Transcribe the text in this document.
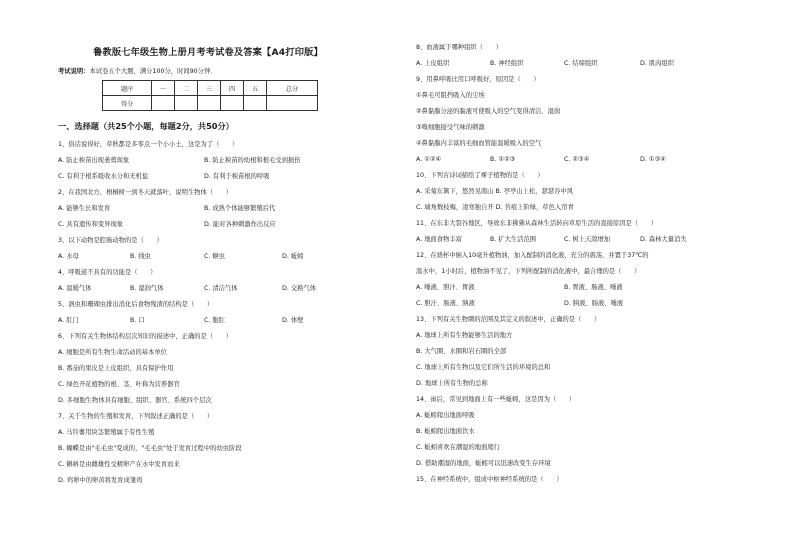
鲁教版七年级生物上册月考考试卷及答案【A4打印版】
考试说明：本试卷五个大题，满分100分，时间90分钟．
题序	一	二	三	四	五	总分
得分						
一、选择题（共25个小题，每题2分，共50分）
1、俗话说得好，草秋都是多零点一个小小土，这是为了（　　）
A. 防止秧苗出现萎蔫现象	B. 防止秧苗的幼根和根毛受到损伤
C. 有利于根系吸收水分和无机盐	D. 有利于秧苗根的呼吸
2、在我国北方，梧桐树一到冬天就落叶，说明生物体（　　）
A. 能够生长和发育	B. 成熟个体能够繁殖后代
C. 具有遗传和变异现象	D. 能对各种刺激作出反应
3、以下动物是腔肠动物的是（　　）
A. 水母	B. 线虫	C. 蛔虫	D. 蚯蚓
4、呼吸道不具有的功能是（　　）
A. 温暖气体	B. 湿润气体	C. 清洁气体	D. 交换气体
5、涡虫和珊瑚虫排出消化后食物残渣的结构是（　　）
A. 肛门	B. 口	C. 胞肛	D. 体壁
6、下列有关生物体结构层次知识的描述中，正确的是（　　）
A. 细胞是所有生物生命活动的基本单位
B. 番茄的果皮是上皮组织，具有保护作用
C. 绿色开花植物的根、茎、叶称为营养器官
D. 多细胞生物体具有细胞、组织、器官、系统四个层次
7、关于生物的生殖和发育，下列叙述正确的是（　　）
A. 马铃薯用块茎繁殖属于有性生殖
B. 蝴蝶是由"毛毛虫"变成的，"毛毛虫"处于发育过程中的幼虫阶段
C. 蝌蚪是由雌雄性受精卵产在水中发育而来
D. 鸡卵中的卵黄将发育成雏鸡
8、血液属于哪种组织（　　）
A. 上皮组织	B. 神经组织	C. 结缔组织	D. 肌肉组织
9、用鼻呼吸比用口呼吸好，原因是（　　）
①鼻毛可阻挡吸入的尘埃
②鼻黏膜分泌的黏液可使吸入的空气变得清洁、湿润
③嗅细胞接受气味的刺激
④鼻黏膜内丰富的毛细血管能温暖吸入的空气
A. ①②④	B. ①②③	C. ②③④	D. ①③④
10、下列古诗词描绘了裸子植物的是（　　）
A. 采菊东篱下，悠然见南山 B. 亭亭山上松，瑟瑟谷中风
C. 墙角数枝梅，凌寒独自开 D. 苔痕上阶绿，草色入帘青
11、在东非大裂谷地区，导致东非狒狒从森林生活转向草原生活的直接原因是（　　）
A. 地面食物丰富	B. 扩大生活范围	C. 树上天敌增加	D. 森林大量消失
12、在烧杯中倒入10毫升植物油，加入配制的消化液，充分的震荡，并置于37℃的
温水中，1小时后，植物油不见了，下列所配制的消化液中，最合理的是（　　）
A. 唾液、胆汁、胃液	B. 胃液、肠液、唾液
C. 胆汁、肠液、胰液	D. 胰液、肠液、唾液
13、下列有关生物圈的范围及其定义的叙述中，正确的是（　　）
A. 地球上所有生物能够生活的地方
B. 大气圈、水圈和岩石圈的全部
C. 地球上所有生物以及它们所生活的环境的总和
D. 地球上所有生物的总称
14、雨后，常见到地面上有一些蚯蚓，这是因为（　　）
A. 蚯蚓爬出地面呼吸
B. 蚯蚓爬出地面饮水
C. 蚯蚓喜欢在潮湿的地面爬行
D. 借助潮湿的地面，蚯蚓可以迅速改变生存环境
15、在神经系统中，组成中枢神经系统的是（　　）
